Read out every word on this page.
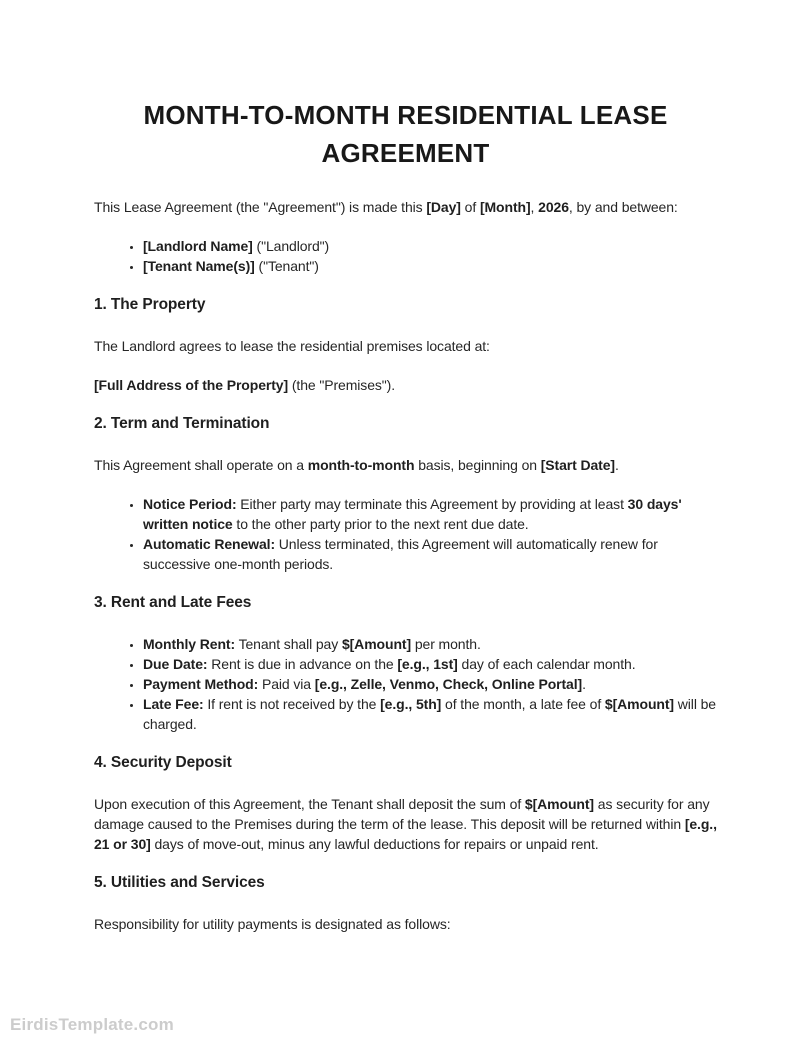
MONTH-TO-MONTH RESIDENTIAL LEASE AGREEMENT

This Lease Agreement (the "Agreement") is made this [Day] of [Month], 2026, by and between:

• [Landlord Name] ("Landlord")
• [Tenant Name(s)] ("Tenant")
1. The Property

The Landlord agrees to lease the residential premises located at:

[Full Address of the Property] (the "Premises").

2. Term and Termination

This Agreement shall operate on a month-to-month basis, beginning on [Start Date].

• Notice Period: Either party may terminate this Agreement by providing at least 30 days' written notice to the other party prior to the next rent due date.
• Automatic Renewal: Unless terminated, this Agreement will automatically renew for successive one-month periods.
3. Rent and Late Fees
• Monthly Rent: Tenant shall pay $[Amount] per month.
• Due Date: Rent is due in advance on the [e.g., 1st] day of each calendar month.
• Payment Method: Paid via [e.g., Zelle, Venmo, Check, Online Portal].
• Late Fee: If rent is not received by the [e.g., 5th] of the month, a late fee of $[Amount] will be charged.
4. Security Deposit

Upon execution of this Agreement, the Tenant shall deposit the sum of $[Amount] as security for any damage caused to the Premises during the term of the lease. This deposit will be returned within [e.g., 21 or 30] days of move-out, minus any lawful deductions for repairs or unpaid rent.

5. Utilities and Services

Responsibility for utility payments is designated as follows:

EirdisTemplate.com
